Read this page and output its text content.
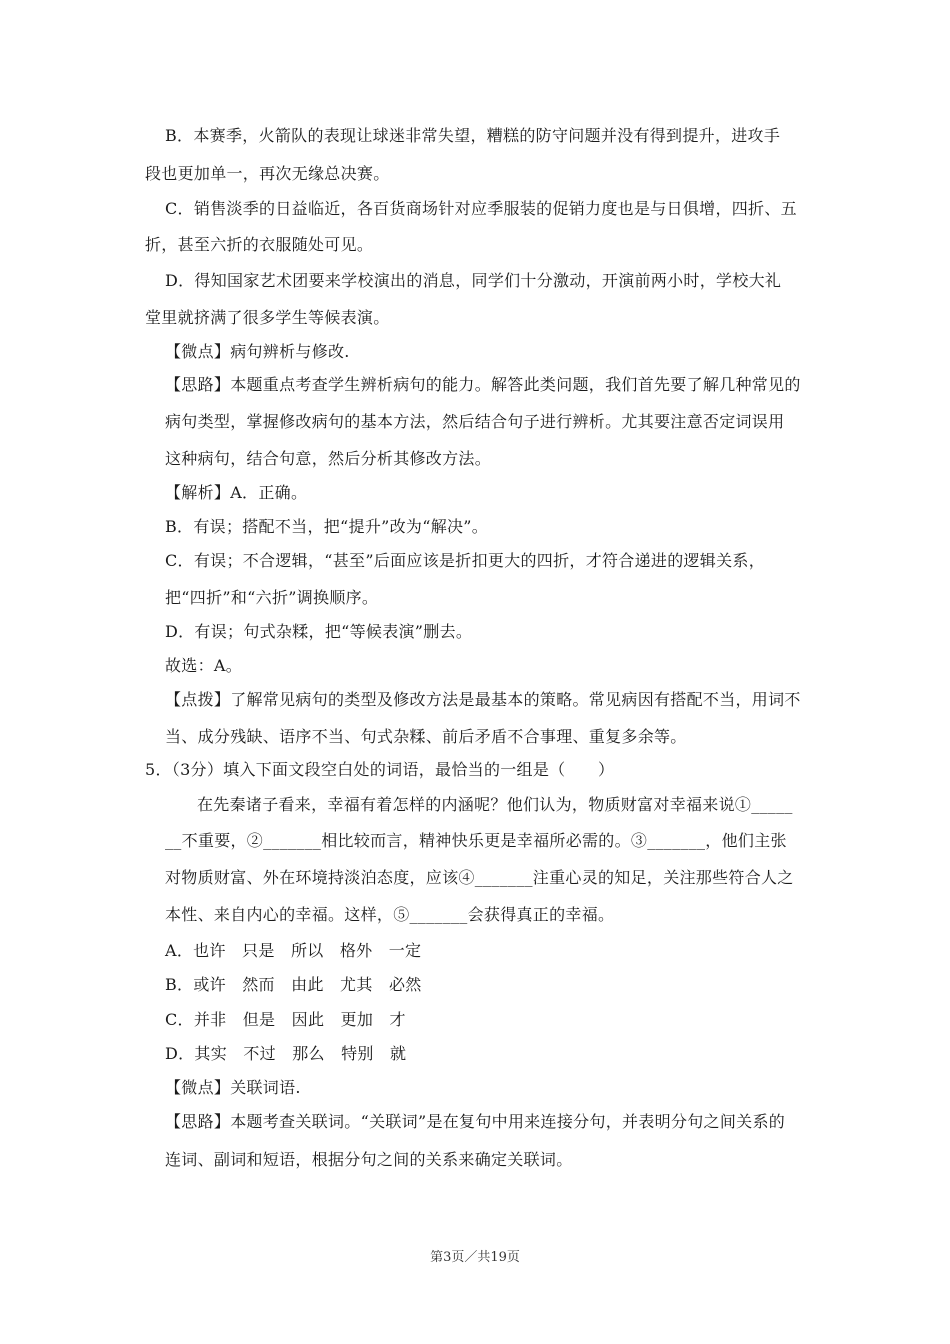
B．本赛季，火箭队的表现让球迷非常失望，糟糕的防守问题并没有得到提升，进攻手
段也更加单一，再次无缘总决赛。
C．销售淡季的日益临近，各百货商场针对应季服装的促销力度也是与日俱增，四折、五
折，甚至六折的衣服随处可见。
D．得知国家艺术团要来学校演出的消息，同学们十分激动，开演前两小时，学校大礼
堂里就挤满了很多学生等候表演。
【微点】病句辨析与修改.
【思路】本题重点考查学生辨析病句的能力。解答此类问题，我们首先要了解几种常见的
病句类型，掌握修改病句的基本方法，然后结合句子进行辨析。尤其要注意否定词误用
这种病句，结合句意，然后分析其修改方法。
【解析】A．正确。
B．有误；搭配不当，把“提升”改为“解决”。
C．有误；不合逻辑，“甚至”后面应该是折扣更大的四折，才符合递进的逻辑关系，
把“四折”和“六折”调换顺序。
D．有误；句式杂糅，把“等候表演”删去。
故选：A。
【点拨】了解常见病句的类型及修改方法是最基本的策略。常见病因有搭配不当，用词不
当、成分残缺、语序不当、句式杂糅、前后矛盾不合事理、重复多余等。
5．（3分）填入下面文段空白处的词语，最恰当的一组是（　　）
在先秦诸子看来，幸福有着怎样的内涵呢？他们认为，物质财富对幸福来说①_____
__不重要，②_______相比较而言，精神快乐更是幸福所必需的。③_______，他们主张
对物质财富、外在环境持淡泊态度，应该④_______注重心灵的知足，关注那些符合人之
本性、来自内心的幸福。这样，⑤_______会获得真正的幸福。
A．也许　只是　所以　格外　一定
B．或许　然而　由此　尤其　必然
C．并非　但是　因此　更加　才
D．其实　不过　那么　特别　就
【微点】关联词语.
【思路】本题考查关联词。“关联词”是在复句中用来连接分句，并表明分句之间关系的
连词、副词和短语，根据分句之间的关系来确定关联词。
第3页／共19页
